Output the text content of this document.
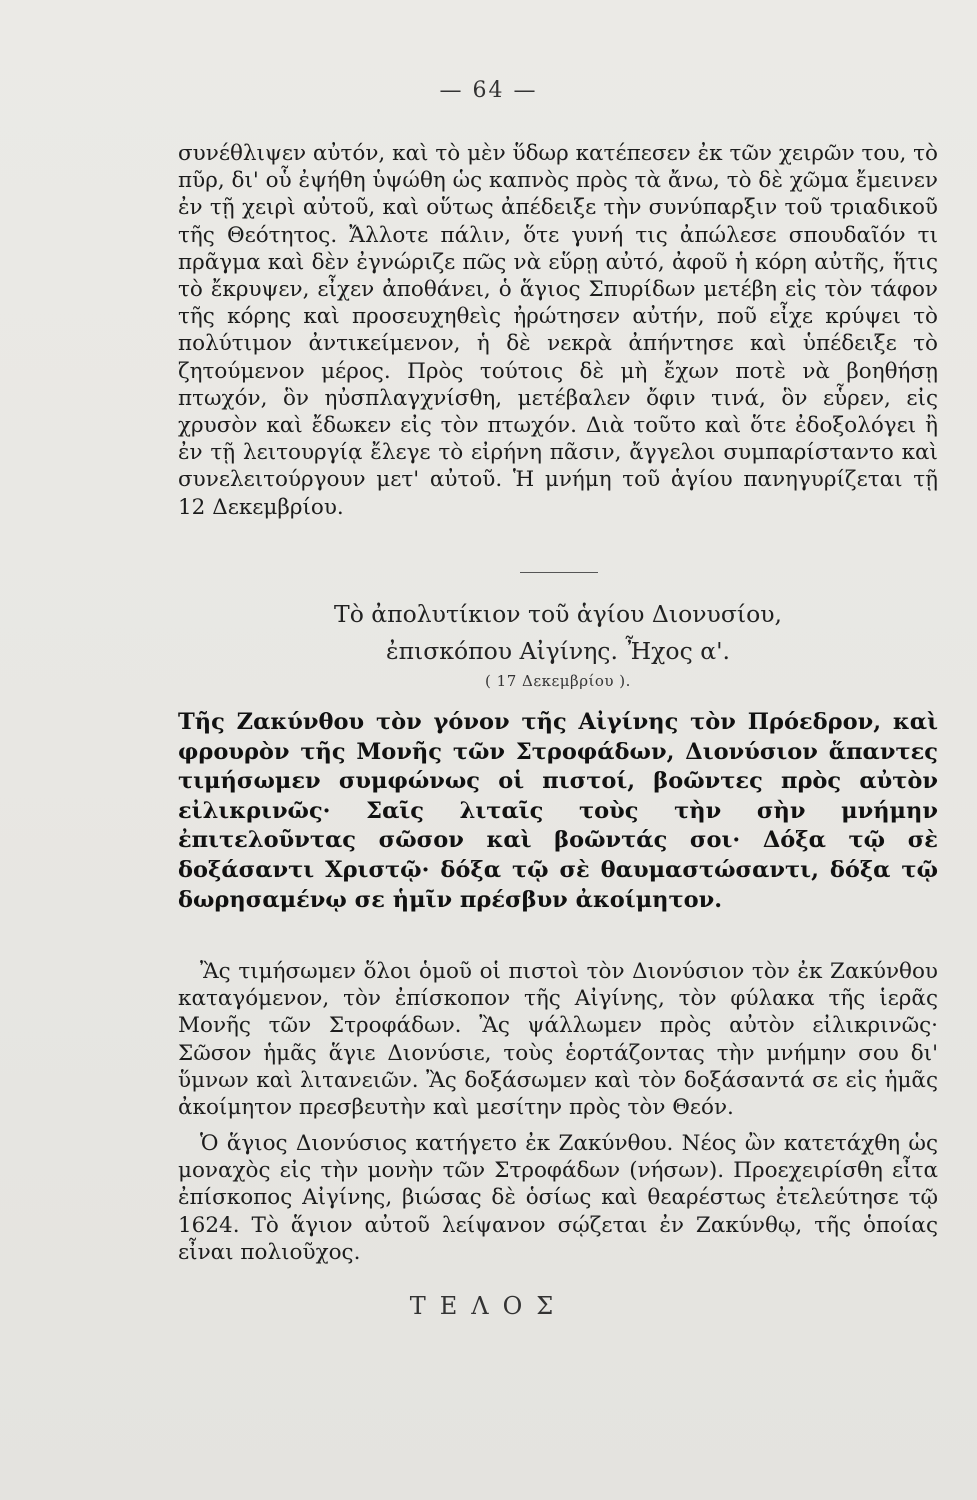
— 64 —

συνέθλιψεν αὐτόν, καὶ τὸ μὲν ὕδωρ κατέπεσεν ἐκ τῶν χειρῶν του, τὸ πῦρ, δι' οὗ ἐψήθη ὑψώθη ὡς καπνὸς πρὸς τὰ ἄνω, τὸ δὲ χῶμα ἔμεινεν ἐν τῇ χειρὶ αὐτοῦ, καὶ οὕτως ἀπέδειξε τὴν συνύπαρξιν τοῦ τριαδικοῦ τῆς Θεότητος. Ἄλλοτε πάλιν, ὅτε γυνή τις ἀπώλεσε σπουδαῖόν τι πρᾶγμα καὶ δὲν ἐγνώριζε πῶς νὰ εὕρῃ αὐτό, ἀφοῦ ἡ κόρη αὐτῆς, ἥτις τὸ ἔκρυψεν, εἶχεν ἀποθάνει, ὁ ἅγιος Σπυρίδων μετέβη εἰς τὸν τάφον τῆς κόρης καὶ προσευχηθεὶς ἠρώτησεν αὐτήν, ποῦ εἶχε κρύψει τὸ πολύτιμον ἀντικείμενον, ἡ δὲ νεκρὰ ἀπήντησε καὶ ὑπέδειξε τὸ ζητούμενον μέρος. Πρὸς τούτοις δὲ μὴ ἔχων ποτὲ νὰ βοηθήσῃ πτωχόν, ὃν ηὐσπλαγχνίσθη, μετέβαλεν ὄφιν τινά, ὃν εὗρεν, εἰς χρυσὸν καὶ ἔδωκεν εἰς τὸν πτωχόν. Διὰ τοῦτο καὶ ὅτε ἐδοξολόγει ἢ ἐν τῇ λειτουργίᾳ ἔλεγε τὸ εἰρήνη πᾶσιν, ἄγγελοι συμπαρίσταντο καὶ συνελειτούργουν μετ' αὐτοῦ. Ἡ μνήμη τοῦ ἁγίου πανηγυρίζεται τῇ 12 Δεκεμβρίου.

Τὸ ἀπολυτίκιον τοῦ ἁγίου Διονυσίου,
ἐπισκόπου Αἰγίνης. Ἦχος α'.
( 17 Δεκεμβρίου ).
Τῆς Ζακύνθου τὸν γόνον τῆς Αἰγίνης τὸν Πρόεδρον, καὶ φρουρὸν τῆς Μονῆς τῶν Στροφάδων, Διονύσιον ἅπαντες τιμήσωμεν συμφώνως οἱ πιστοί, βοῶντες πρὸς αὐτὸν εἰλικρινῶς· Σαῖς λιταῖς τοὺς τὴν σὴν μνήμην ἐπιτελοῦντας σῶσον καὶ βοῶντάς σοι· Δόξα τῷ σὲ δοξάσαντι Χριστῷ· δόξα τῷ σὲ θαυμαστώσαντι, δόξα τῷ δωρησαμένῳ σε ἡμῖν πρέσβυν ἀκοίμητον.

Ἂς τιμήσωμεν ὅλοι ὁμοῦ οἱ πιστοὶ τὸν Διονύσιον τὸν ἐκ Ζακύνθου καταγόμενον, τὸν ἐπίσκοπον τῆς Αἰγίνης, τὸν φύλακα τῆς ἱερᾶς Μονῆς τῶν Στροφάδων. Ἂς ψάλλωμεν πρὸς αὐτὸν εἰλικρινῶς· Σῶσον ἡμᾶς ἅγιε Διονύσιε, τοὺς ἑορτάζοντας τὴν μνήμην σου δι' ὕμνων καὶ λιτανειῶν. Ἂς δοξάσωμεν καὶ τὸν δοξάσαντά σε εἰς ἡμᾶς ἀκοίμητον πρεσβευτὴν καὶ μεσίτην πρὸς τὸν Θεόν.

Ὁ ἅγιος Διονύσιος κατήγετο ἐκ Ζακύνθου. Νέος ὢν κατετάχθη ὡς μοναχὸς εἰς τὴν μονὴν τῶν Στροφάδων (νήσων). Προεχειρίσθη εἶτα ἐπίσκοπος Αἰγίνης, βιώσας δὲ ὁσίως καὶ θεαρέστως ἐτελεύτησε τῷ 1624. Τὸ ἅγιον αὐτοῦ λείψανον σῴζεται ἐν Ζακύνθῳ, τῆς ὁποίας εἶναι πολιοῦχος.

ΤΕΛΟΣ
